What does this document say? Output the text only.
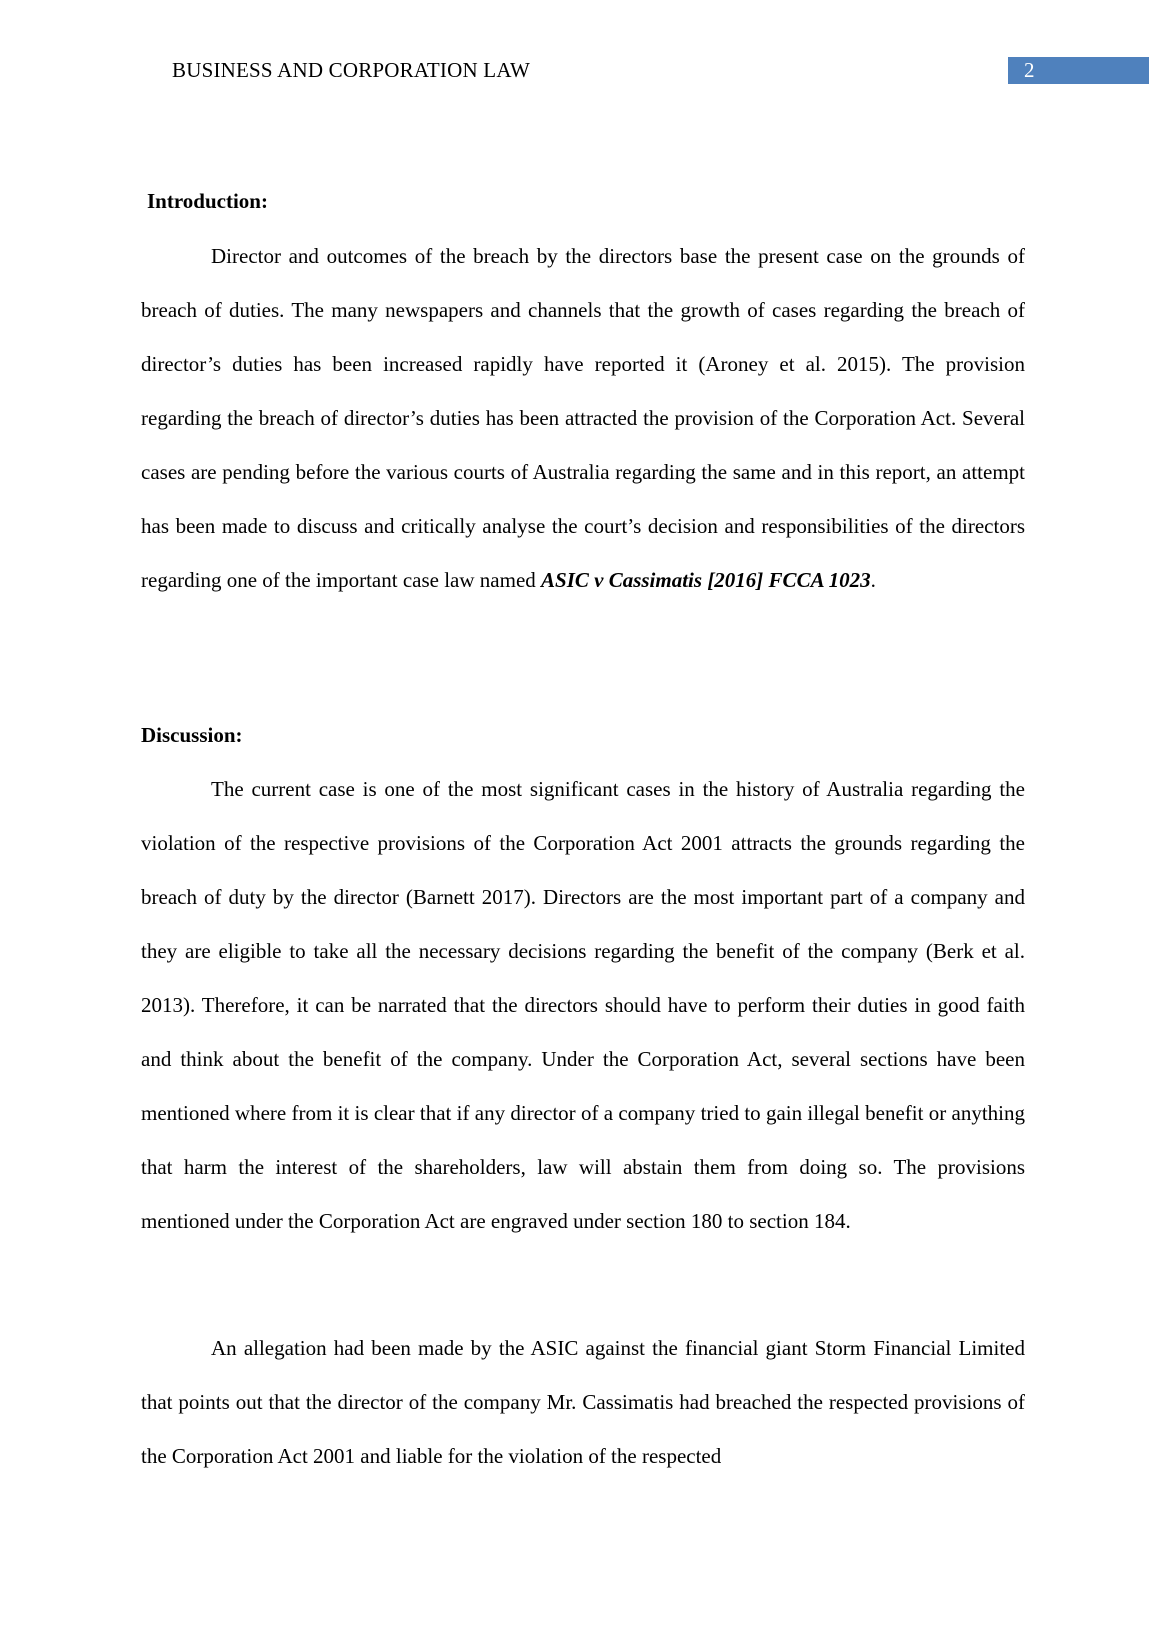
BUSINESS AND CORPORATION LAW	2
Introduction:

Director and outcomes of the breach by the directors base the present case on the grounds of breach of duties. The many newspapers and channels that the growth of cases regarding the breach of director’s duties has been increased rapidly have reported it (Aroney et al. 2015). The provision regarding the breach of director’s duties has been attracted the provision of the Corporation Act. Several cases are pending before the various courts of Australia regarding the same and in this report, an attempt has been made to discuss and critically analyse the court’s decision and responsibilities of the directors regarding one of the important case law named ASIC v Cassimatis [2016] FCCA 1023.

Discussion:

The current case is one of the most significant cases in the history of Australia regarding the violation of the respective provisions of the Corporation Act 2001 attracts the grounds regarding the breach of duty by the director (Barnett 2017). Directors are the most important part of a company and they are eligible to take all the necessary decisions regarding the benefit of the company (Berk et al. 2013). Therefore, it can be narrated that the directors should have to perform their duties in good faith and think about the benefit of the company. Under the Corporation Act, several sections have been mentioned where from it is clear that if any director of a company tried to gain illegal benefit or anything that harm the interest of the shareholders, law will abstain them from doing so. The provisions mentioned under the Corporation Act are engraved under section 180 to section 184.

An allegation had been made by the ASIC against the financial giant Storm Financial Limited that points out that the director of the company Mr. Cassimatis had breached the respected provisions of the Corporation Act 2001 and liable for the violation of the respected
